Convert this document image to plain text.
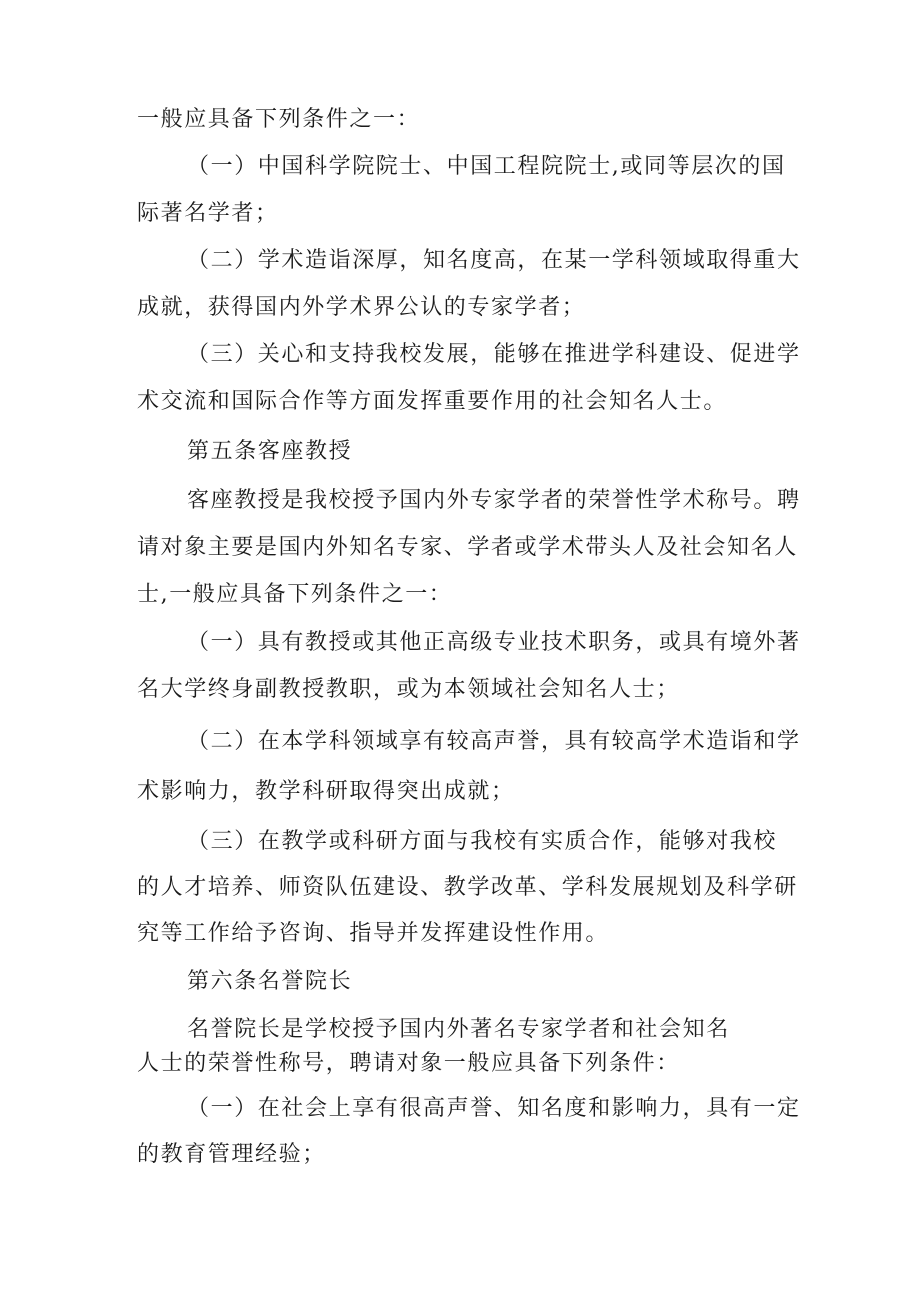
一般应具备下列条件之一：
（一）中国科学院院士、中国工程院院士,或同等层次的国
际著名学者；
（二）学术造诣深厚，知名度高，在某一学科领域取得重大
成就，获得国内外学术界公认的专家学者；
（三）关心和支持我校发展，能够在推进学科建设、促进学
术交流和国际合作等方面发挥重要作用的社会知名人士。
第五条客座教授
客座教授是我校授予国内外专家学者的荣誉性学术称号。聘
请对象主要是国内外知名专家、学者或学术带头人及社会知名人
士,一般应具备下列条件之一：
（一）具有教授或其他正高级专业技术职务，或具有境外著
名大学终身副教授教职，或为本领域社会知名人士；
（二）在本学科领域享有较高声誉，具有较高学术造诣和学
术影响力，教学科研取得突出成就；
（三）在教学或科研方面与我校有实质合作，能够对我校
的人才培养、师资队伍建设、教学改革、学科发展规划及科学研
究等工作给予咨询、指导并发挥建设性作用。
第六条名誉院长
名誉院长是学校授予国内外著名专家学者和社会知名
人士的荣誉性称号，聘请对象一般应具备下列条件：
（一）在社会上享有很高声誉、知名度和影响力，具有一定
的教育管理经验；
